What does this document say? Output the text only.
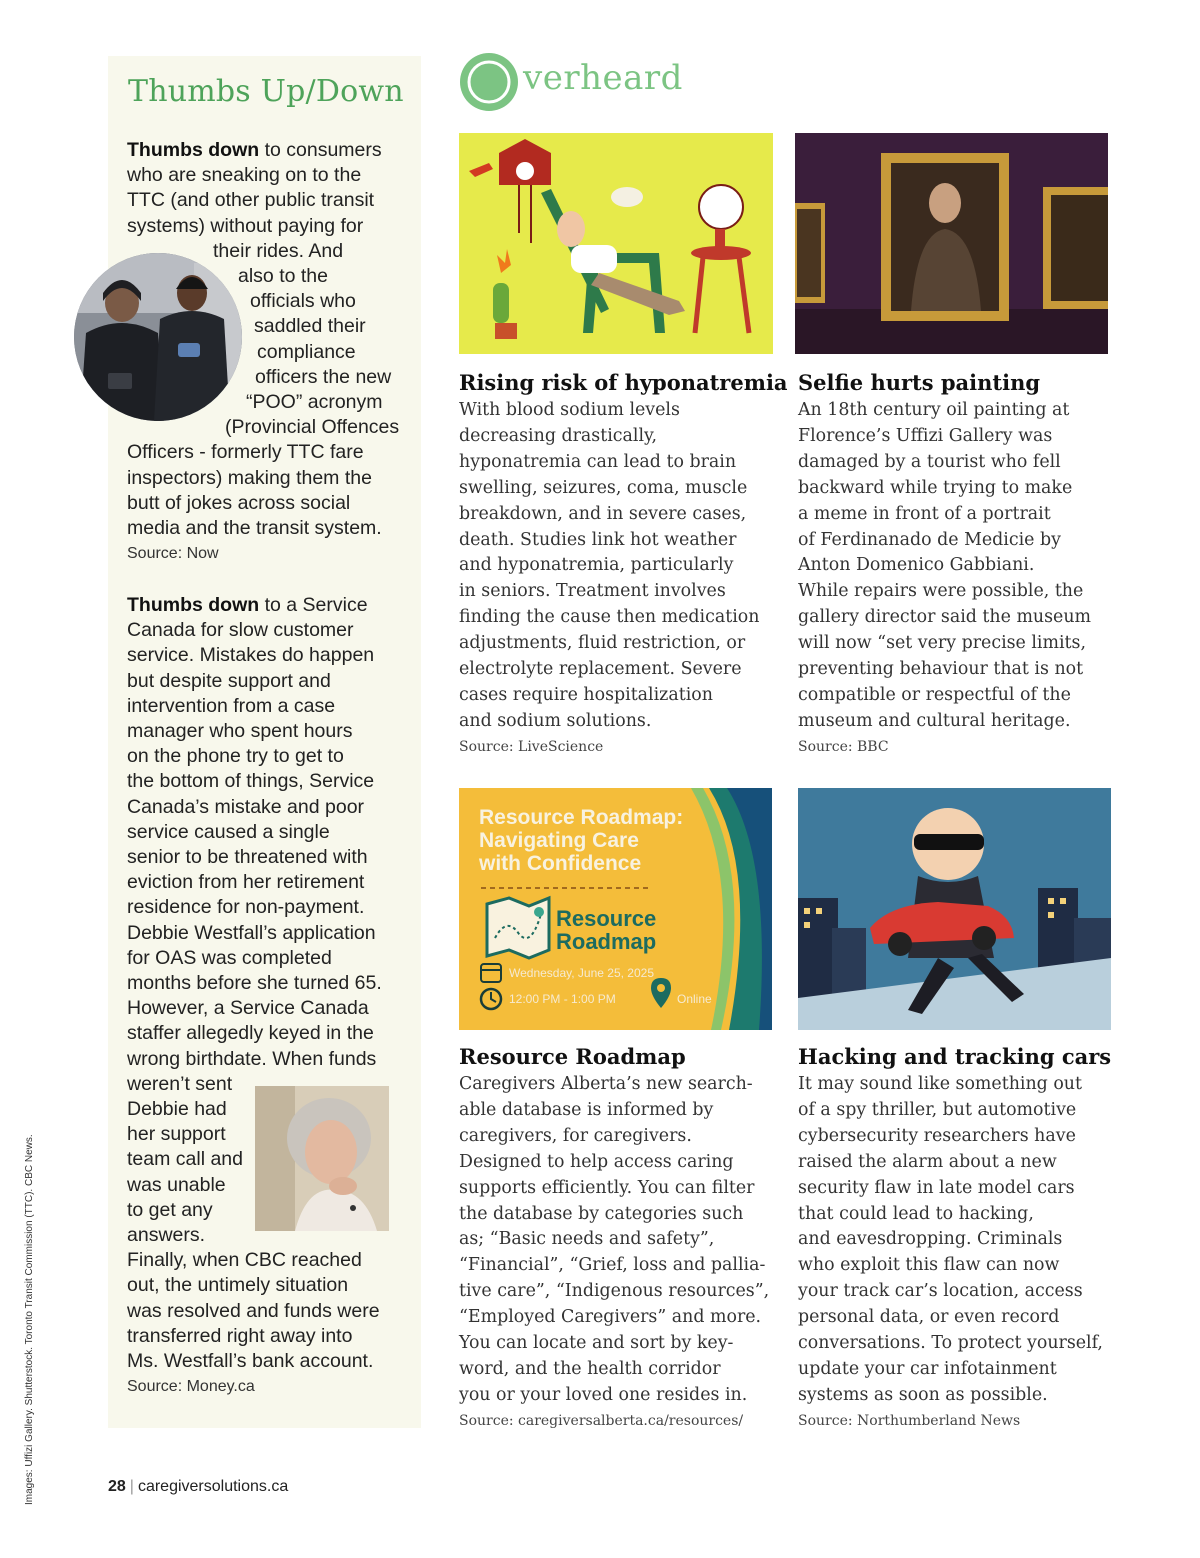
Thumbs Up/Down
Thumbs down to consumers
who are sneaking on to the
TTC (and other public transit
systems) without paying for
their rides. And
also to the
officials who
saddled their
compliance
officers the new
“POO” acronym
(Provincial Offences
Officers - formerly TTC fare
inspectors) making them the
butt of jokes across social
media and the transit system.
Source: Now
Thumbs down to a Service
Canada for slow customer
service. Mistakes do happen
but despite support and
intervention from a case
manager who spent hours
on the phone try to get to
the bottom of things, Service
Canada’s mistake and poor
service caused a single
senior to be threatened with
eviction from her retirement
residence for non-payment.
Debbie Westfall’s application
for OAS was completed
months before she turned 65.
However, a Service Canada
staffer allegedly keyed in the
wrong birthdate. When funds
weren’t sent
Debbie had
her support
team call and
was unable
to get any
answers.
Finally, when CBC reached
out, the untimely situation
was resolved and funds were
transferred right away into
Ms. Westfall’s bank account.
Source: Money.ca
Images: Uffizi Gallery. Shutterstock. Toronto Transit Commission (TTC). CBC News.	28 | caregiversolutions.ca
O verheard
Rising risk of hyponatremia
With blood sodium levels
decreasing drastically,
hyponatremia can lead to brain
swelling, seizures, coma, muscle
breakdown, and in severe cases,
death. Studies link hot weather
and hyponatremia, particularly
in seniors. Treatment involves
finding the cause then medication
adjustments, fluid restriction, or
electrolyte replacement. Severe
cases require hospitalization
and sodium solutions.
Source: LiveScience
Selfie hurts painting
An 18th century oil painting at
Florence’s Uffizi Gallery was
damaged by a tourist who fell
backward while trying to make
a meme in front of a portrait
of Ferdinanado de Medicie by
Anton Domenico Gabbiani.
While repairs were possible, the
gallery director said the museum
will now “set very precise limits,
preventing behaviour that is not
compatible or respectful of the
museum and cultural heritage.
Source: BBC
Resource Roadmap:
Navigating Care
with Confidence
Resource
Roadmap
Wednesday, June 25, 2025
12:00 PM - 1:00 PM	Online
Resource Roadmap
Caregivers Alberta’s new search-
able database is informed by
caregivers, for caregivers.
Designed to help access caring
supports efficiently. You can filter
the database by categories such
as; “Basic needs and safety”,
“Financial”, “Grief, loss and pallia-
tive care”, “Indigenous resources”,
“Employed Caregivers” and more.
You can locate and sort by key-
word, and the health corridor
you or your loved one resides in.
Source: caregiversalberta.ca/resources/
Hacking and tracking cars
It may sound like something out
of a spy thriller, but automotive
cybersecurity researchers have
raised the alarm about a new
security flaw in late model cars
that could lead to hacking,
and eavesdropping. Criminals
who exploit this flaw can now
your track car’s location, access
personal data, or even record
conversations. To protect yourself,
update your car infotainment
systems as soon as possible.
Source: Northumberland News
